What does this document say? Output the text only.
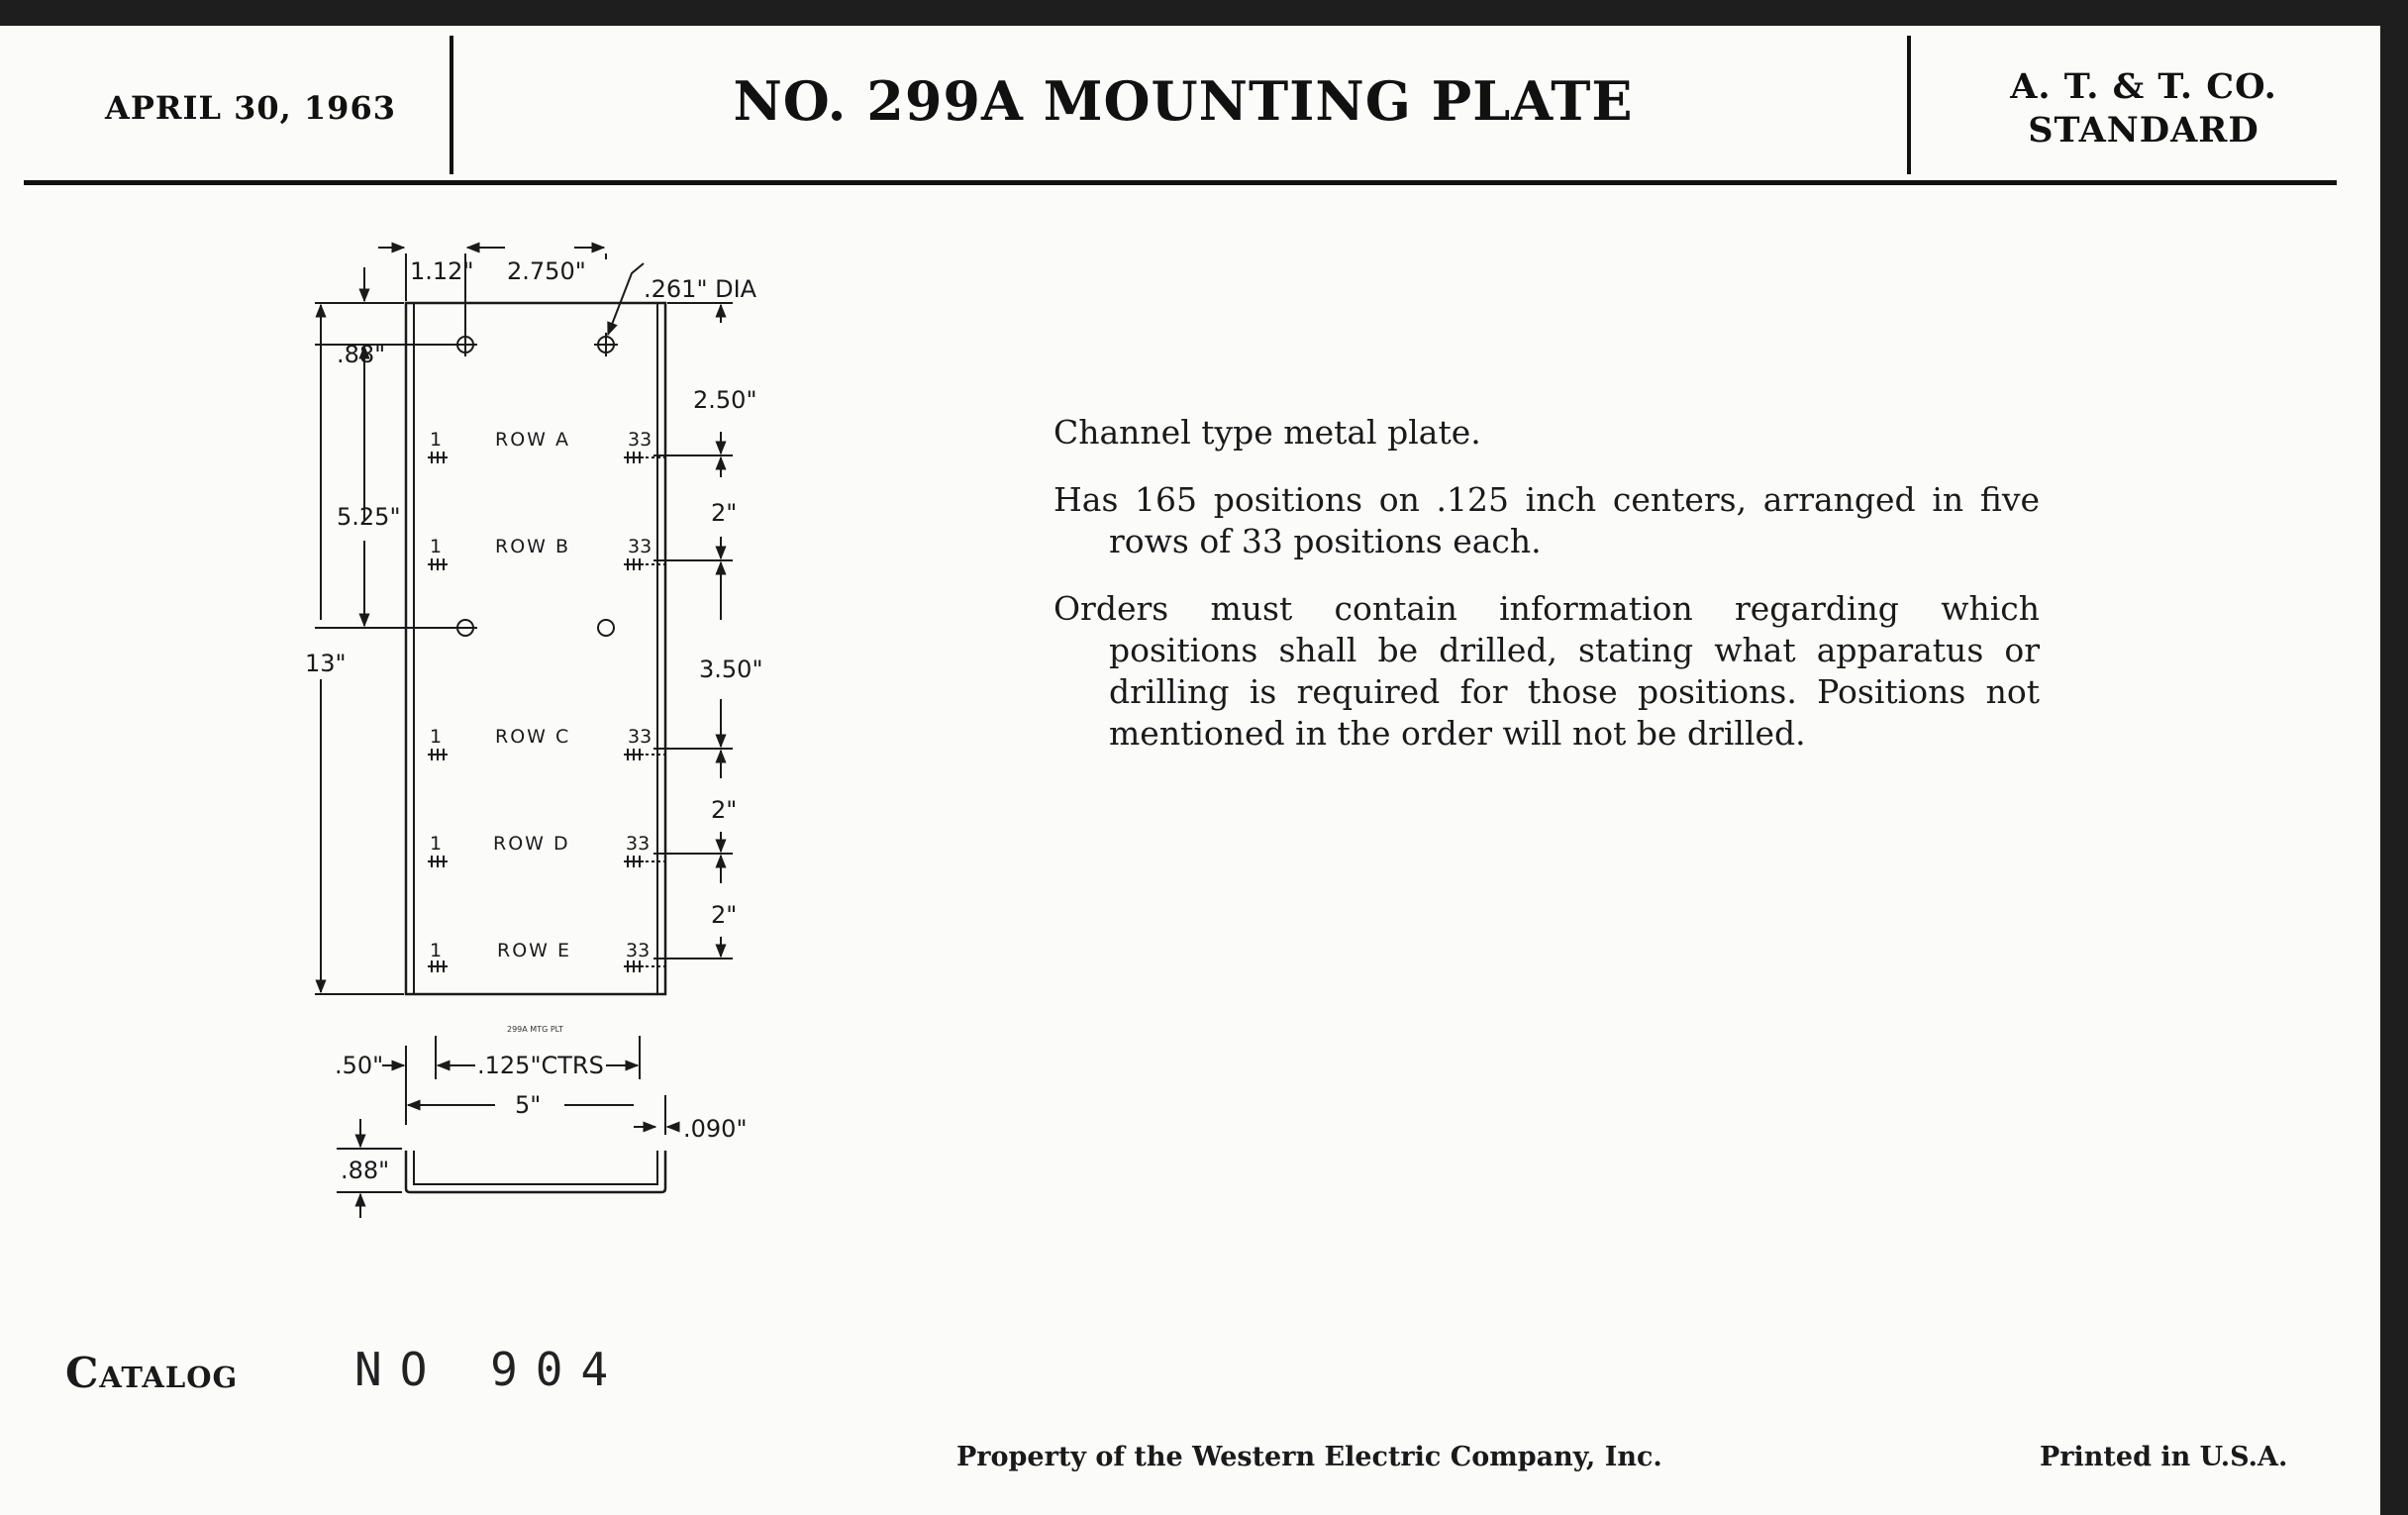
APRIL 30, 1963	NO. 299A MOUNTING PLATE	A. T. & T. CO.
STANDARD
1.12" 2.750"
.261" DIA
.88"
5.25"
13"
2.50"
2"
3.50"
2"
2"
.50"	.125"CTRS
5"
.090"
.88"
299A MTG PLT
ROW A
ROW B
ROW C
ROW D
ROW E
1
1
1
1
1
33
33
33
33
33

Channel type metal plate.

Has 165 positions on .125 inch centers, arranged in five rows of 33 positions each.

Orders must contain information regarding which positions shall be drilled, stating what apparatus or drilling is required for those positions. Positions not mentioned in the order will not be drilled.

Catalog	NO 904
Property of the Western Electric Company, Inc.	Printed in U.S.A.
